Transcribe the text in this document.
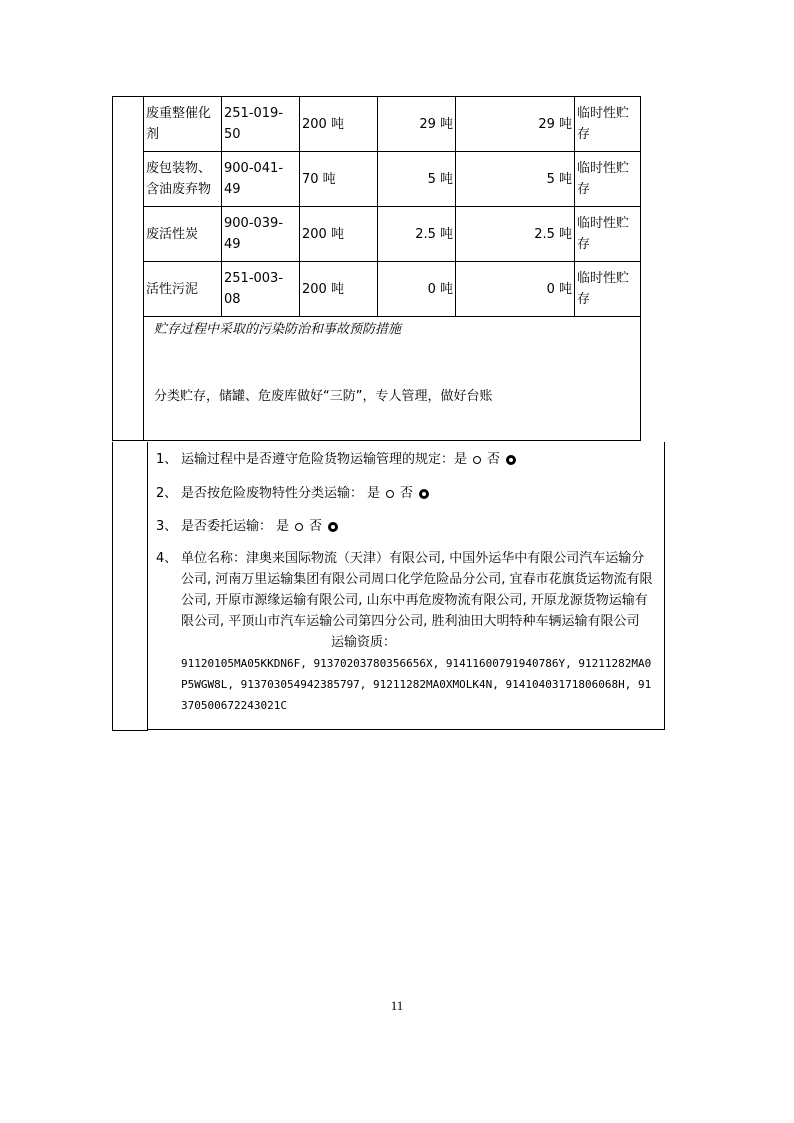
	废重整催化剂	251-019-50	200 吨	29 吨	29 吨	临时性贮存
	废包装物、含油废弃物	900-041-49	70 吨	5 吨	5 吨	临时性贮存
	废活性炭	900-039-49	200 吨	2.5 吨	2.5 吨	临时性贮存
	活性污泥	251-003-08	200 吨	0 吨	0 吨	临时性贮存

	贮存过程中采取的污染防治和事故预防措施
分类贮存，储罐、危废库做好“三防”，专人管理，做好台账					
1、 运输过程中是否遵守危险货物运输管理的规定：是 否
2、 是否按危险废物特性分类运输： 是 否
3、 是否委托运输： 是 否
4、 单位名称：津奥来国际物流（天津）有限公司, 中国外运华中有限公司汽车运输分公司, 河南万里运输集团有限公司周口化学危险品分公司, 宜春市花旗货运物流有限公司, 开原市源缘运输有限公司, 山东中再危废物流有限公司, 开原龙源货物运输有限公司, 平顶山市汽车运输公司第四分公司, 胜利油田大明特种车辆运输有限公司运输资质：
91120105MA05KKDN6F, 91370203780356656X, 91411600791940786Y, 91211282MA0P5WGW8L, 913703054942385797, 91211282MA0XMOLK4N, 91410403171806068H, 91370500672243021C
11
